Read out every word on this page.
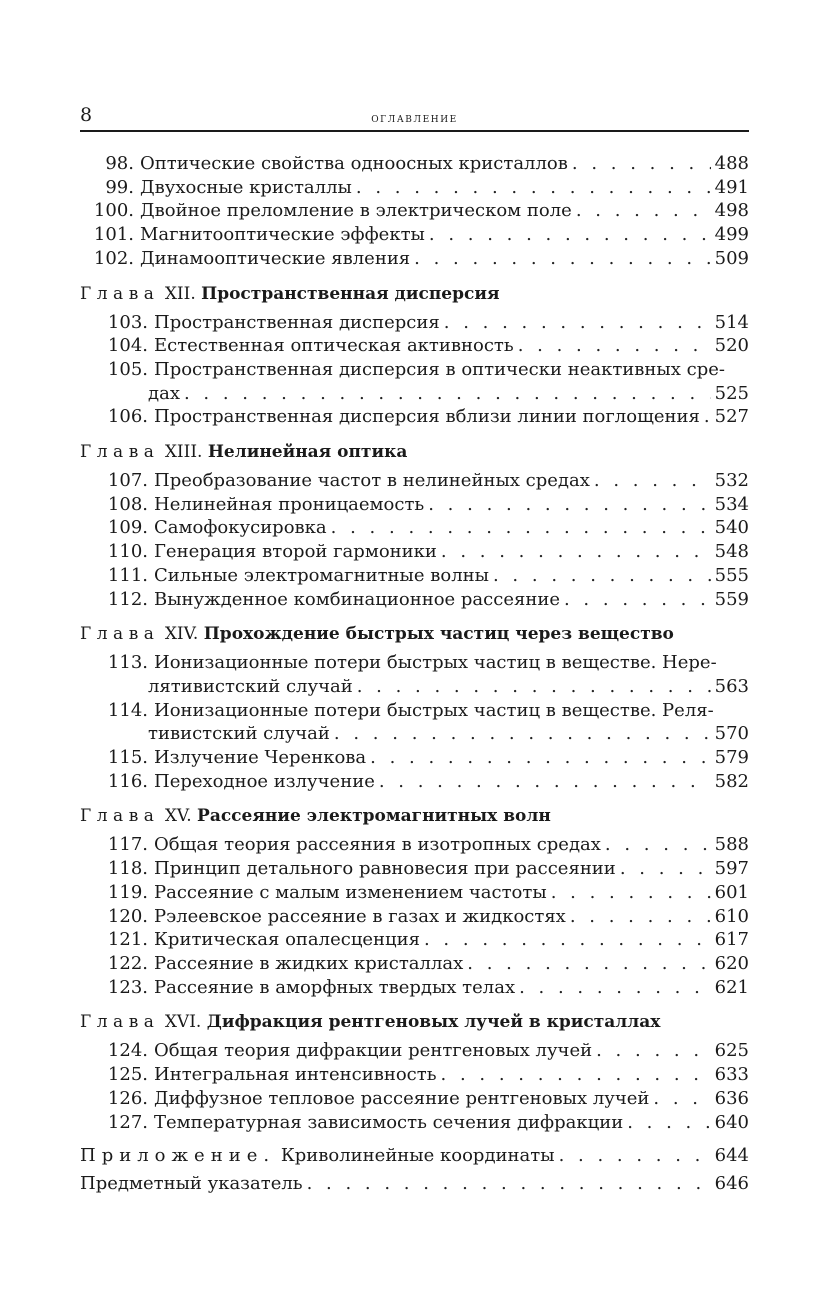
8	оглавление
98. Оптические свойства одноосных кристаллов . . .	488
99. Двухосные кристаллы . . .	491
100. Двойное преломление в электрическом поле . . .	498
101. Магнитооптические эффекты . . .	499
102. Динамооптические явления . . .	509
Глава XII. Пространственная дисперсия
103. Пространственная дисперсия . . .	514
104. Естественная оптическая активность . . .	520
105. Пространственная дисперсия в оптически неактивных сре-
дах . . .	525
106. Пространственная дисперсия вблизи линии поглощения . . . 527
Глава XIII. Нелинейная оптика
107. Преобразование частот в нелинейных средах . . .	532
108. Нелинейная проницаемость . . .	534
109. Самофокусировка . . .	540
110. Генерация второй гармоники . . .	548
111. Сильные электромагнитные волны . . .	555
112. Вынужденное комбинационное рассеяние . . .	559
Глава XIV. Прохождение быстрых частиц через вещество
113. Ионизационные потери быстрых частиц в веществе. Нере-
лятивистский случай . . .	563
114. Ионизационные потери быстрых частиц в веществе. Реля-
тивистский случай . . .	570
115. Излучение Черенкова . . .	579
116. Переходное излучение . . .	582
Глава XV. Рассеяние электромагнитных волн
117. Общая теория рассеяния в изотропных средах . . .	588
118. Принцип детального равновесия при рассеянии . . .	597
119. Рассеяние с малым изменением частоты . . .	601
120. Рэлеевское рассеяние в газах и жидкостях . . .	610
121. Критическая опалесценция . . .	617
122. Рассеяние в жидких кристаллах . . .	620
123. Рассеяние в аморфных твердых телах . . .	621
Глава XVI. Дифракция рентгеновых лучей в кристаллах
124. Общая теория дифракции рентгеновых лучей . . .	625
125. Интегральная интенсивность . . .	633
126. Диффузное тепловое рассеяние рентгеновых лучей . . .	636
127. Температурная зависимость сечения дифракции . . .	640
Приложение.
Криволинейные координаты . . .	644
Предметный указатель . . .	646
